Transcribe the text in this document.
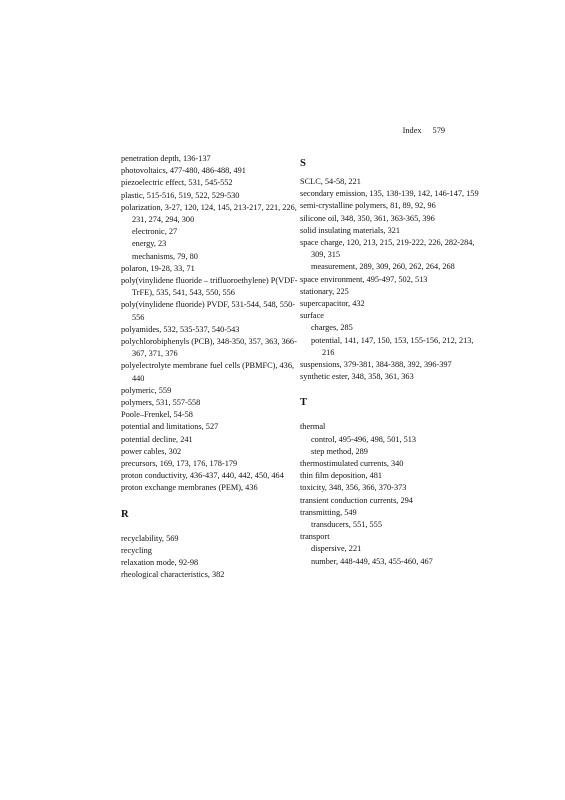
Index 579
penetration depth, 136-137
photovoltaics, 477-480, 486-488, 491
piezoelectric effect, 531, 545-552
plastic, 515-516, 519, 522, 529-530
polarization, 3-27, 120, 124, 145, 213-217, 221, 226, 231, 274, 294, 300
electronic, 27
energy, 23
mechanisms, 79, 80
polaron, 19-28, 33, 71
poly(vinylidene fluoride – trifluoroethylene) P(VDF-TrFE), 535, 541, 543, 550, 556
poly(vinylidene fluoride) PVDF, 531-544, 548, 550-556
polyamides, 532, 535-537, 540-543
polychlorobiphenyls (PCB), 348-350, 357, 363, 366-367, 371, 376
polyelectrolyte membrane fuel cells (PBMFC), 436, 440
polymeric, 559
polymers, 531, 557-558
Poole–Frenkel, 54-58
potential and limitations, 527
potential decline, 241
power cables, 302
precursors, 169, 173, 176, 178-179
proton conductivity, 436-437, 440, 442, 450, 464
proton exchange membranes (PEM), 436
R
recyclability, 569
recycling
relaxation mode, 92-98
rheological characteristics, 382
S
SCLC, 54-58, 221
secondary emission, 135, 138-139, 142, 146-147, 159
semi-crystalline polymers, 81, 89, 92, 96
silicone oil, 348, 350, 361, 363-365, 396
solid insulating materials, 321
space charge, 120, 213, 215, 219-222, 226, 282-284, 309, 315
measurement, 289, 309, 260, 262, 264, 268
space environment, 495-497, 502, 513
stationary, 225
supercapacitor, 432
surface
charges, 285
potential, 141, 147, 150, 153, 155-156, 212, 213, 216
suspensions, 379-381, 384-388, 392, 396-397
synthetic ester, 348, 358, 361, 363
T
thermal
control, 495-496, 498, 501, 513
step method, 289
thermostimulated currents, 340
thin film deposition, 481
toxicity, 348, 356, 366, 370-373
transient conduction currents, 294
transmitting, 549
transducers, 551, 555
transport
dispersive, 221
number, 448-449, 453, 455-460, 467
